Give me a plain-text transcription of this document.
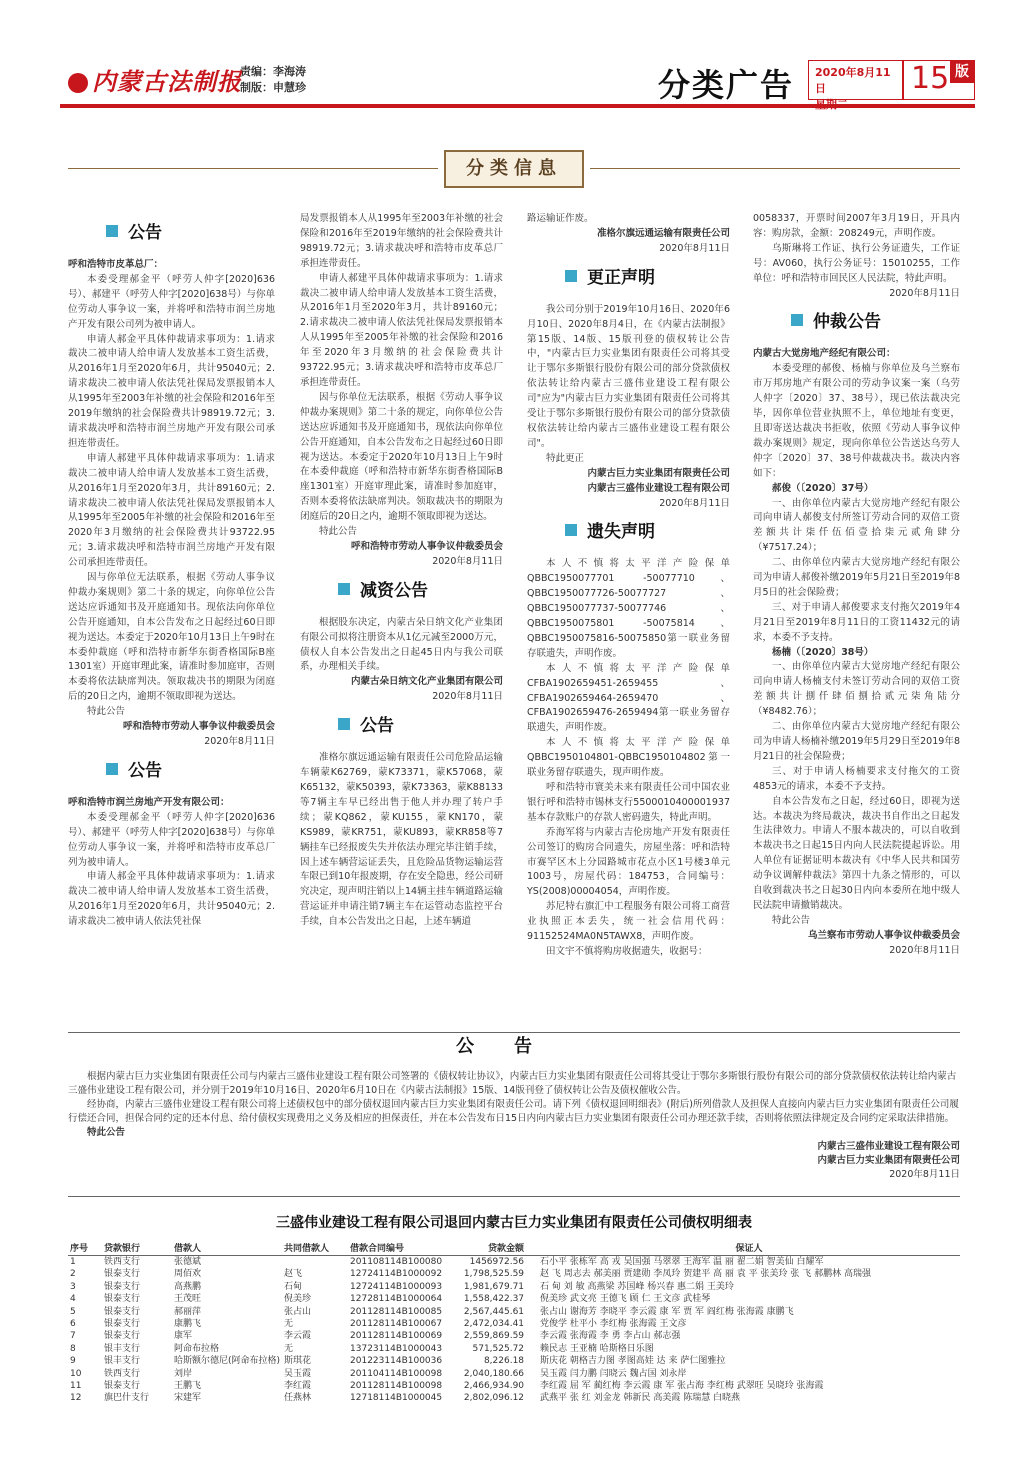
内蒙古法制报
责编：李海涛
制版：申慧珍	分类广告 2020年8月11日	15 版
分类信息
公告

呼和浩特市皮革总厂：

本委受理郝金平（呼劳人仲字[2020]636号）、郝建平（呼劳人仲字[2020]638号）与你单位劳动人事争议一案，并将呼和浩特市润兰房地产开发有限公司列为被申请人。

申请人郝金平具体仲裁请求事项为：1.请求裁决二被申请人给申请人发放基本工资生活费，从2016年1月至2020年6月，共计95040元；2.请求裁决二被申请人依法凭社保局发票报销本人从1995年至2003年补缴的社会保险和2016年至2019年缴纳的社会保险费共计98919.72元；3.请求裁决呼和浩特市润兰房地产开发有限公司承担连带责任。

申请人郝建平具体仲裁请求事项为：1.请求裁决二被申请人给申请人发放基本工资生活费，从2016年1月至2020年3月，共计89160元；2.请求裁决二被申请人依法凭社保局发票报销本人从1995年至2005年补缴的社会保险和2016年至2020年3月缴纳的社会保险费共计93722.95元；3.请求裁决呼和浩特市润兰房地产开发有限公司承担连带责任。

因与你单位无法联系，根据《劳动人事争议仲裁办案规则》第二十条的规定，向你单位公告送达应诉通知书及开庭通知书。现依法向你单位公告开庭通知，自本公告发布之日起经过60日即视为送达。本委定于2020年10月13日上午9时在本委仲裁庭（呼和浩特市新华东街香格国际B座1301室）开庭审理此案，请准时参加庭审，否则本委将依法缺席判决。领取裁决书的期限为闭庭后的20日之内，逾期不领取即视为送达。

特此公告

呼和浩特市劳动人事争议仲裁委员会

2020年8月11日

公告

呼和浩特市润兰房地产开发有限公司：

本委受理郝金平（呼劳人仲字[2020]636号）、郝建平（呼劳人仲字[2020]638号）与你单位劳动人事争议一案，并将呼和浩特市皮革总厂列为被申请人。

申请人郝金平具体仲裁请求事项为：1.请求裁决二被申请人给申请人发放基本工资生活费，从2016年1月至2020年6月，共计95040元；2.请求裁决二被申请人依法凭社保

局发票报销本人从1995年至2003年补缴的社会保险和2016年至2019年缴纳的社会保险费共计98919.72元；3.请求裁决呼和浩特市皮革总厂承担连带责任。

申请人郝建平具体仲裁请求事项为：1.请求裁决二被申请人给申请人发放基本工资生活费，从2016年1月至2020年3月，共计89160元；2.请求裁决二被申请人依法凭社保局发票报销本人从1995年至2005年补缴的社会保险和2016年至2020年3月缴纳的社会保险费共计93722.95元；3.请求裁决呼和浩特市皮革总厂承担连带责任。

因与你单位无法联系，根据《劳动人事争议仲裁办案规则》第二十条的规定，向你单位公告送达应诉通知书及开庭通知书，现依法向你单位公告开庭通知，自本公告发布之日起经过60日即视为送达。本委定于2020年10月13日上午9时在本委仲裁庭（呼和浩特市新华东街香格国际B座1301室）开庭审理此案，请准时参加庭审，否则本委将依法缺席判决。领取裁决书的期限为闭庭后的20日之内，逾期不领取即视为送达。

特此公告

呼和浩特市劳动人事争议仲裁委员会

2020年8月11日

减资公告

根据股东决定，内蒙古朵日纳文化产业集团有限公司拟将注册资本从1亿元减至2000万元，债权人自本公告发出之日起45日内与我公司联系，办理相关手续。

内蒙古朵日纳文化产业集团有限公司

2020年8月11日

公告

准格尔旗远通运输有限责任公司危险品运输车辆蒙K62769，蒙K73371，蒙K57068，蒙K65132，蒙K50393，蒙K73363，蒙K88133等7辆主车早已经出售于他人并办理了转户手续；蒙KQ862，蒙KU155，蒙KN170，蒙KS989，蒙KR751，蒙KU893，蒙KR858等7辆挂车已经报废失失并依法办理完毕注销手续，因上述车辆营运证丢失，且危险品货物运输运营车限已到10年报废期，存在安全隐患，经公司研究决定，现声明注销以上14辆主挂车辆道路运输营运证并申请注销7辆主车在运管动态监控平台手续，自本公告发出之日起，上述车辆道

路运输证作废。

准格尔旗远通运输有限责任公司

2020年8月11日

更正声明

我公司分别于2019年10月16日、2020年6月10日、2020年8月4日，在《内蒙古法制报》第15版、14版、15版刊登的债权转让公告中，"内蒙古巨力实业集团有限责任公司将其受让于鄂尔多斯银行股份有限公司的部分贷款债权依法转让给内蒙古三盛伟业建设工程有限公司"应为"内蒙古巨力实业集团有限责任公司将其受让于鄂尔多斯银行股份有限公司的部分贷款债权依法转让给内蒙古三盛伟业建设工程有限公司"。

特此更正

内蒙古巨力实业集团有限责任公司

内蒙古三盛伟业建设工程有限公司

2020年8月11日

遗失声明

本人不慎将太平洋产险保单QBBC1950077701 -50077710、QBBC1950077726-50077727、QBBC1950077737-50077746、QBBC1950075801 -50075814、QBBC1950075816-50075850第一联业务留存联遗失，声明作废。

本人不慎将太平洋产险保单CFBA1902659451-2659455、CFBA1902659464-2659470、CFBA1902659476-2659494第一联业务留存联遗失，声明作废。

本人不慎将太平洋产险保单QBBC1950104801-QBBC1950104802第一联业务留存联遗失，现声明作废。

呼和浩特市寰美未来有限责任公司中国农业银行呼和浩特市锡林支行5500010400001937基本存款账户的存款人密码遗失，特此声明。

乔海军将与内蒙古吉伦房地产开发有限责任公司签订的购房合同遗失，房屋坐落：呼和浩特市赛罕区木上分园路城市花点小区1号楼3单元1003号，房屋代码：184753，合同编号：YS(2008)00004054，声明作废。

苏尼特右旗汇中工程服务有限公司将工商营业执照正本丢失，统一社会信用代码：91152524MA0N5TAWX8，声明作废。

田文宇不慎将购房收据遗失，收据号：

0058337，开票时间2007年3月19日，开具内容：购房款，金额：208249元，声明作废。

乌斯琳将工作证、执行公务证遗失，工作证号：AV060，执行公务证号：15010255，工作单位：呼和浩特市回民区人民法院，特此声明。

2020年8月11日

仲裁公告

内蒙古大觉房地产经纪有限公司：

本委受理的郝俊、杨楠与你单位及乌兰察布市万邦房地产有限公司的劳动争议案一案（乌劳人仲字〔2020〕37、38号），现已依法裁决完毕，因你单位营业执照不上，单位地址有变更，且即寄送达裁决书拒收，依照《劳动人事争议仲裁办案规则》规定，现向你单位公告送达乌劳人仲字〔2020〕37、38号仲裁裁决书。裁决内容如下：

郝俊（〔2020〕37号）

一、由你单位内蒙古大觉房地产经纪有限公司向申请人郝俊支付所签订劳动合同的双倍工资差额共计柒仟伍佰壹拾柒元贰角肆分（¥7517.24）；

二、由你单位内蒙古大觉房地产经纪有限公司为申请人郝俊补缴2019年5月21日至2019年8月5日的社会保险费；

三、对于申请人郝俊要求支付拖欠2019年4月21日至2019年8月11日的工资11432元的请求，本委不予支持。

杨楠（〔2020〕38号）

一、由你单位内蒙古大觉房地产经纪有限公司向申请人杨楠支付未签订劳动合同的双倍工资差额共计捌仟肆佰捌拾贰元柒角陆分（¥8482.76）；

二、由你单位内蒙古大觉房地产经纪有限公司为申请人杨楠补缴2019年5月29日至2019年8月21日的社会保险费；

三、对于申请人杨楠要求支付拖欠的工资4853元的请求，本委不予支持。

自本公告发布之日起，经过60日，即视为送达。本裁决为终局裁决，裁决书自作出之日起发生法律效力。申请人不服本裁决的，可以自收到本裁决书之日起15日内向人民法院提起诉讼。用人单位有证据证明本裁决有《中华人民共和国劳动争议调解仲裁法》第四十九条之情形的，可以自收到裁决书之日起30日内向本委所在地中级人民法院申请撤销裁决。

特此公告

乌兰察布市劳动人事争议仲裁委员会

2020年8月11日

公告

根据内蒙古巨力实业集团有限责任公司与内蒙古三盛伟业建设工程有限公司签署的《债权转让协议》，内蒙古巨力实业集团有限责任公司将其受让于鄂尔多斯银行股份有限公司的部分贷款债权依法转让给内蒙古三盛伟业建设工程有限公司，并分别于2019年10月16日、2020年6月10日在《内蒙古法制报》15版、14版刊登了债权转让公告及债权催收公告。

经协商，内蒙古三盛伟业建设工程有限公司将上述债权包中的部分债权退回内蒙古巨力实业集团有限责任公司。请下列《债权退回明细表》(附后)所列借款人及担保人直接向内蒙古巨力实业集团有限责任公司履行偿还合同，担保合同约定的还本付息、给付债权实现费用之义务及相应的担保责任，并在本公告发布日15日内向内蒙古巨力实业集团有限责任公司办理还款手续，否则将依照法律规定及合同约定采取法律措施。

特此公告

内蒙古三盛伟业建设工程有限公司

内蒙古巨力实业集团有限责任公司

2020年8月11日

三盛伟业建设工程有限公司退回内蒙古巨力实业集团有限责任公司债权明细表
序号	贷款银行	借款人	共同借款人	借款合同编号	贷款金额	保证人
1	铁西支行	张德斌		201108114B100080	1456972.56	石小平 张栋军 高 戎 吴国强 马翠翠 王海军 温 丽 翟二娟 智美仙 白耀军
2	银泰支行	周佰欢	赵飞	12724114B1000092	1,798,525.59	赵 飞 周志去 郝美丽 贾建勋 李凤玲 贺建平 高 丽 袁 平 张美玲 张 飞 郝鹏林 高瑞强
3	银泰支行	高燕鹏	石甸	12724114B1000093	1,981,679.71	石 甸 刘 敏 高燕梁 苏国峰 杨兴春 惠二娟 王美玲
4	银泰支行	王茂旺	倪美珍	12728114B1000064	1,558,422.37	倪美珍 武文亮 王德飞 顾 仁 王文彦 武桂琴
5	银泰支行	郝丽萍	张占山	201128114B100085	2,567,445.61	张占山 谢海芳 李晓平 李云霞 康 军 贾 军 阎红梅 张海霞 康鹏飞
6	银泰支行	康鹏飞	无	201128114B100067	2,472,034.41	党俊学 杜平小 李红梅 张海霞 王文彦
7	银泰支行	康军	李云霞	201128114B100069	2,559,869.59	李云霞 张海霞 李 勇 李占山 郝志强
8	银丰支行	阿命布拉格	无	13723114B1000043	571,525.72	赖民志 王亚楠 哈斯格日乐图
9	银丰支行	哈斯额尔德尼(阿命布拉格)	斯琪花	201223114B100036	8,226.18	斯庆花 朝格吉力图 孝图高娃 达 来 萨仁图雅拉
10	铁西支行	刘岸	吴玉霞	201104114B100098	2,040,180.66	吴玉霞 闫力鹏 闫晓云 魏占国 刘永岸
11	银泰支行	王鹏飞	李红霞	201128114B100098	2,466,934.90	李红霞 屈 军 蔺红梅 李云霞 康 军 张占海 李红梅 武翠旺 吴晓玲 张海霞
12	旗巴什支行	宋建军	任燕林	12718114B1000045	2,802,096.12	武燕平 张 红 刘金龙 韩新民 高美霞 陈瑞慧 白晓燕
